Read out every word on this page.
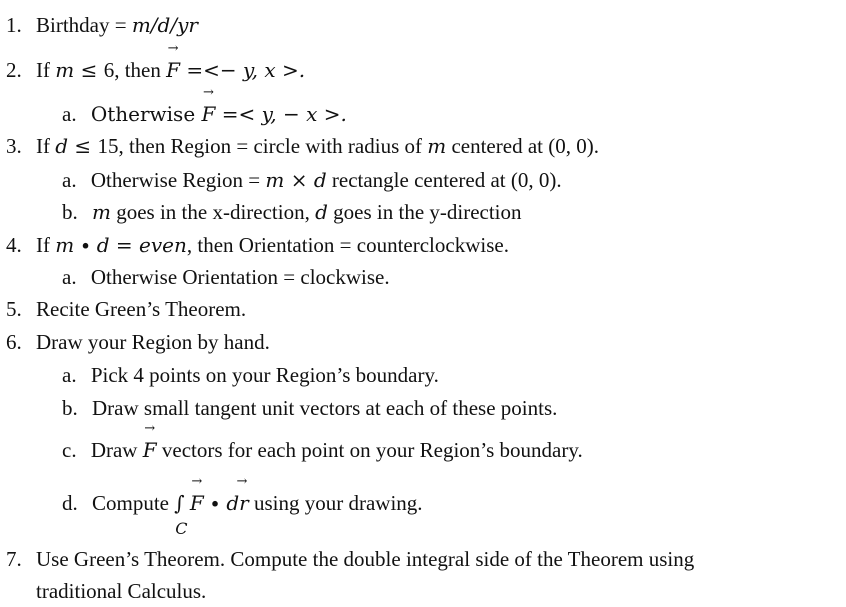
1. Birthday = m/d/yr
2. If m ≤ 6, then
→
F =<− y, x >.
a. Otherwise
→
F =< y, − x >.
3. If d ≤ 15, then Region = circle with radius of m centered at (0, 0).
a. Otherwise Region = m × d rectangle centered at (0, 0).
b. m goes in the x-direction, d goes in the y-direction
4. If m ∙ d = even, then Orientation = counterclockwise.
a. Otherwise Orientation = clockwise.
5. Recite Green’s Theorem.
6. Draw your Region by hand.
a. Pick 4 points on your Region’s boundary.
b. Draw small tangent unit vectors at each of these points.
c. Draw
→
F vectors for each point on your Region’s boundary.
d. Compute ∫
C

→
F ∙
→
dr using your drawing.
7. Use Green’s Theorem. Compute the double integral side of the Theorem using
traditional Calculus.
